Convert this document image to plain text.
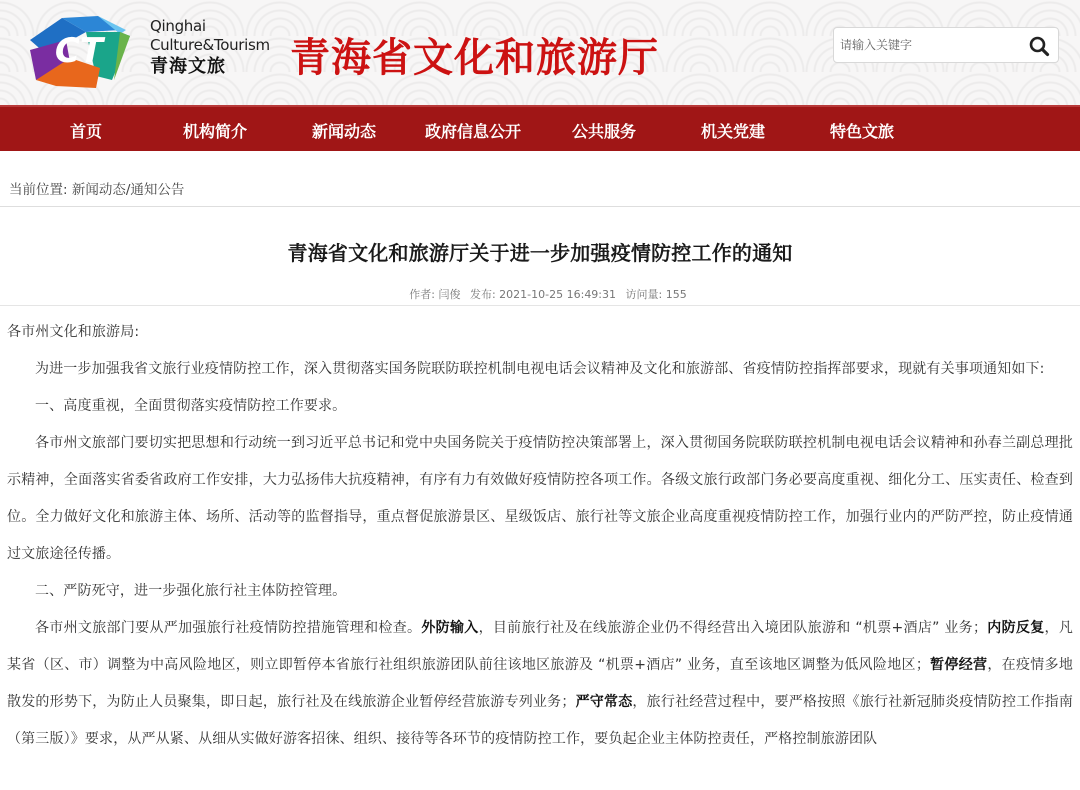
CT
Qinghai
Culture&Tourism
青海文旅	青海省文化和旅游厅
请输入关键字
首页	机构简介	新闻动态	政府信息公开	公共服务	机关党建	特色文旅
当前位置: 新闻动态/通知公告
青海省文化和旅游厅关于进一步加强疫情防控工作的通知
作者: 闫俊 发布: 2021-10-25 16:49:31 访问量: 155

各市州文化和旅游局:

为进一步加强我省文旅行业疫情防控工作，深入贯彻落实国务院联防联控机制电视电话会议精神及文化和旅游部、省疫情防控指挥部要求，现就有关事项通知如下:

一、高度重视，全面贯彻落实疫情防控工作要求。

各市州文旅部门要切实把思想和行动统一到习近平总书记和党中央国务院关于疫情防控决策部署上，深入贯彻国务院联防联控机制电视电话会议精神和孙春兰副总理批示精神，全面落实省委省政府工作安排，大力弘扬伟大抗疫精神，有序有力有效做好疫情防控各项工作。各级文旅行政部门务必要高度重视、细化分工、压实责任、检查到位。全力做好文化和旅游主体、场所、活动等的监督指导，重点督促旅游景区、星级饭店、旅行社等文旅企业高度重视疫情防控工作，加强行业内的严防严控，防止疫情通过文旅途径传播。

二、严防死守，进一步强化旅行社主体防控管理。

各市州文旅部门要从严加强旅行社疫情防控措施管理和检查。外防输入，目前旅行社及在线旅游企业仍不得经营出入境团队旅游和 “机票+酒店” 业务；内防反复，凡某省（区、市）调整为中高风险地区，则立即暂停本省旅行社组织旅游团队前往该地区旅游及 “机票+酒店” 业务，直至该地区调整为低风险地区；暂停经营，在疫情多地散发的形势下，为防止人员聚集，即日起，旅行社及在线旅游企业暂停经营旅游专列业务；严守常态，旅行社经营过程中，要严格按照《旅行社新冠肺炎疫情防控工作指南（第三版）》要求，从严从紧、从细从实做好游客招徕、组织、接待等各环节的疫情防控工作，要负起企业主体防控责任，严格控制旅游团队
